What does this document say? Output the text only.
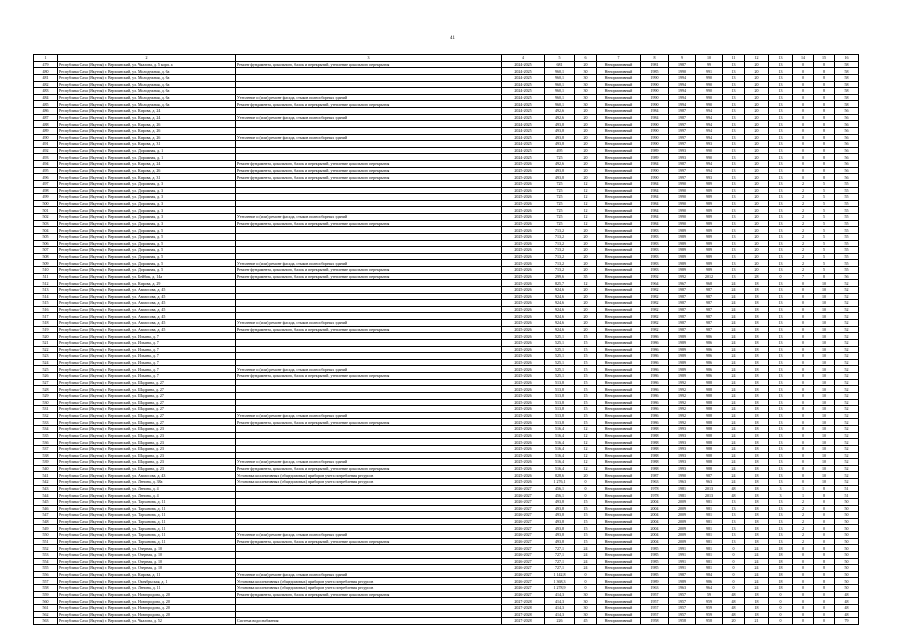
41
1	2	3	4	5	6	7	8	9	10	11	12	13	14	15	16
479	Республика Саха (Якутия) г. Верхоянский, ул. Чкалова, д. 5 корп. а	Ремонт фундамента, цокольного, балок и перекрытий, утепление цокольного перекрытия	2024-2025	681	20	Ненормативный	1981	1987	99	13	20	13	0	8	58
480	Республика Саха (Якутия) г. Верхоянский, ул. Молодежная, д. 6а		2024-2025	960,1	30	Ненормативный	1985	1990	991	13	20	13	0	8	58
481	Республика Саха (Якутия) г. Верхоянский, ул. Молодежная, д. 6а		2024-2025	960,1	30	Ненормативный	1990	1994	990	13	20	13	0	8	58
482	Республика Саха (Якутия) г. Верхоянский, ул. Молодежная, д. 6а		2024-2025	960,1	30	Ненормативный	1990	1994	990	13	20	13	0	8	58
483	Республика Саха (Якутия) г. Верхоянский, ул. Молодежная, д. 6а		2024-2025	960,1	30	Ненормативный	1990	1994	990	13	20	13	0	8	58
484	Республика Саха (Якутия) г. Верхоянский, ул. Молодежная, д. 6а	Утепление и (или) ремонт фасада, стыков полносборных зданий	2024-2025	960,1	30	Ненормативный	1990	1994	990	13	20	13	0	8	58
485	Республика Саха (Якутия) г. Верхоянский, ул. Молодежная, д. 6а	Ремонт фундамента, цокольного, балок и перекрытий, утепление цокольного перекрытия	2024-2025	960,1	30	Ненормативный	1990	1994	990	13	20	13	0	8	58
486	Республика Саха (Якутия) г. Верхоянский, ул. Кирова, д. 24		2024-2025	492,6	20	Ненормативный	1984	1987	994	13	20	13	0	8	56
487	Республика Саха (Якутия) г. Верхоянский, ул. Кирова, д. 24	Утепление и (или) ремонт фасада, стыков полносборных зданий	2024-2025	492,6	20	Ненормативный	1984	1987	994	13	20	13	0	8	56
488	Республика Саха (Якутия) г. Верхоянский, ул. Кирова, д. 26		2024-2025	493,8	20	Ненормативный	1990	1997	994	13	20	13	0	8	56
489	Республика Саха (Якутия) г. Верхоянский, ул. Кирова, д. 26		2024-2025	493,8	20	Ненормативный	1990	1997	994	13	20	13	0	8	56
490	Республика Саха (Якутия) г. Верхоянский, ул. Кирова, д. 26	Утепление и (или) ремонт фасада, стыков полносборных зданий	2024-2025	493,8	20	Ненормативный	1990	1997	994	13	20	13	0	8	56
491	Республика Саха (Якутия) г. Верхоянский, ул. Кирова, д. 31		2024-2025	493,8	20	Ненормативный	1990	1997	993	13	20	13	0	8	56
492	Республика Саха (Якутия) г. Верхоянский, ул. Дорожная, д. 1		2024-2025	495	20	Ненормативный	1989	1993	990	13	20	13	0	8	56
493	Республика Саха (Якутия) г. Верхоянский, ул. Дорожная, д. 1		2024-2025	725	20	Ненормативный	1989	1993	990	13	20	13	0	8	56
494	Республика Саха (Якутия) г. Верхоянский, ул. Кирова, д. 24	Ремонт фундамента, цокольного, балок и перекрытий, утепление цокольного перекрытия	2025-2026	492,6	20	Ненормативный	1984	1987	994	13	20	13	0	8	56
495	Республика Саха (Якутия) г. Верхоянский, ул. Кирова, д. 26	Ремонт фундамента, цокольного, балок и перекрытий, утепление цокольного перекрытия	2025-2026	493,8	20	Ненормативный	1990	1997	994	13	20	13	0	8	56
496	Республика Саха (Якутия) г. Верхоянский, ул. Кирова, д. 31	Ремонт фундамента, цокольного, балок и перекрытий, утепление цокольного перекрытия	2025-2026	493,8	20	Ненормативный	1990	1997	993	13	20	13	0	8	56
497	Республика Саха (Якутия) г. Верхоянский, ул. Дорожная, д. 3		2025-2026	725	12	Ненормативный	1984	1990	989	13	20	13	2	5	55
498	Республика Саха (Якутия) г. Верхоянский, ул. Дорожная, д. 3		2025-2026	725	12	Ненормативный	1984	1990	989	13	20	13	2	5	55
499	Республика Саха (Якутия) г. Верхоянский, ул. Дорожная, д. 3		2025-2026	725	12	Ненормативный	1984	1990	989	13	20	13	2	5	55
500	Республика Саха (Якутия) г. Верхоянский, ул. Дорожная, д. 3		2025-2026	725	12	Ненормативный	1984	1990	989	13	20	13	2	5	55
501	Республика Саха (Якутия) г. Верхоянский, ул. Дорожная, д. 3		2025-2026	725	12	Ненормативный	1984	1990	989	13	20	13	2	5	55
502	Республика Саха (Якутия) г. Верхоянский, ул. Дорожная, д. 3	Утепление и (или) ремонт фасада, стыков полносборных зданий	2025-2026	725	12	Ненормативный	1984	1990	989	13	20	13	2	5	55
503	Республика Саха (Якутия) г. Верхоянский, ул. Дорожная, д. 3	Ремонт фундамента, цокольного, балок и перекрытий, утепление цокольного перекрытия	2025-2026	725	12	Ненормативный	1984	1990	989	13	20	13	2	5	55
504	Республика Саха (Якутия) г. Верхоянский, ул. Дорожная, д. 5		2025-2026	713,2	20	Ненормативный	1983	1989	989	13	20	13	2	5	55
505	Республика Саха (Якутия) г. Верхоянский, ул. Дорожная, д. 5		2025-2026	713,2	20	Ненормативный	1983	1989	989	13	20	13	2	5	55
506	Республика Саха (Якутия) г. Верхоянский, ул. Дорожная, д. 5		2025-2026	713,2	20	Ненормативный	1983	1989	989	13	20	13	2	5	55
507	Республика Саха (Якутия) г. Верхоянский, ул. Дорожная, д. 5		2025-2026	713,2	20	Ненормативный	1983	1989	989	13	20	13	2	5	55
508	Республика Саха (Якутия) г. Верхоянский, ул. Дорожная, д. 5		2025-2026	713,2	20	Ненормативный	1983	1989	989	13	20	13	2	5	55
509	Республика Саха (Якутия) г. Верхоянский, ул. Дорожная, д. 5	Утепление и (или) ремонт фасада, стыков полносборных зданий	2025-2026	713,2	20	Ненормативный	1983	1989	989	13	20	13	2	5	55
510	Республика Саха (Якутия) г. Верхоянский, ул. Дорожная, д. 5	Ремонт фундамента, цокольного, балок и перекрытий, утепление цокольного перекрытия	2025-2026	713,2	20	Ненормативный	1983	1989	989	13	20	13	2	5	55
511	Республика Саха (Якутия) г. Верхоянский, ул. Бейбик, д. 14а	Ремонт фундамента, цокольного, балок и перекрытий, утепление цокольного перекрытия	2025-2026	299,6	35	Ненормативный	1992	1992	2012	13	28	0	7	8	56
512	Республика Саха (Якутия) г. Верхоянский, ул. Кирова, д. 29		2025-2026	825,7	12	Ненормативный	1964	1967	968	24	18	13	0	10	52
513	Республика Саха (Якутия) г. Верхоянский, ул. Аммосова, д. 45		2025-2026	924,6	20	Ненормативный	1982	1987	987	24	18	13	0	10	52
514	Республика Саха (Якутия) г. Верхоянский, ул. Аммосова, д. 45		2025-2026	924,6	20	Ненормативный	1982	1987	987	24	18	13	0	10	52
515	Республика Саха (Якутия) г. Верхоянский, ул. Аммосова, д. 45		2025-2026	924,6	20	Ненормативный	1982	1987	987	24	18	13	0	10	52
516	Республика Саха (Якутия) г. Верхоянский, ул. Аммосова, д. 45		2025-2026	924,6	20	Ненормативный	1982	1987	987	24	18	13	0	10	52
517	Республика Саха (Якутия) г. Верхоянский, ул. Аммосова, д. 45		2025-2026	924,6	20	Ненормативный	1982	1987	987	24	18	13	0	10	52
518	Республика Саха (Якутия) г. Верхоянский, ул. Аммосова, д. 45	Утепление и (или) ремонт фасада, стыков полносборных зданий	2025-2026	924,6	20	Ненормативный	1982	1987	987	24	18	13	0	10	52
519	Республика Саха (Якутия) г. Верхоянский, ул. Аммосова, д. 45	Ремонт фундамента, цокольного, балок и перекрытий, утепление цокольного перекрытия	2025-2026	924,6	20	Ненормативный	1982	1987	987	24	18	13	0	10	52
520	Республика Саха (Якутия) г. Верхоянский, ул. Ильина, д. 7		2025-2026	525,1	15	Ненормативный	1986	1989	986	24	18	13	0	10	52
521	Республика Саха (Якутия) г. Верхоянский, ул. Ильина, д. 7		2025-2026	525,1	15	Ненормативный	1986	1989	986	24	18	13	0	10	52
522	Республика Саха (Якутия) г. Верхоянский, ул. Ильина, д. 7		2025-2026	525,1	15	Ненормативный	1986	1989	986	24	18	13	0	10	52
523	Республика Саха (Якутия) г. Верхоянский, ул. Ильина, д. 7		2025-2026	525,1	15	Ненормативный	1986	1989	986	24	18	13	0	10	52
524	Республика Саха (Якутия) г. Верхоянский, ул. Ильина, д. 7		2025-2026	525,1	15	Ненормативный	1986	1989	986	24	18	13	0	10	52
525	Республика Саха (Якутия) г. Верхоянский, ул. Ильина, д. 7	Утепление и (или) ремонт фасада, стыков полносборных зданий	2025-2026	525,1	15	Ненормативный	1986	1989	986	24	18	13	0	10	52
526	Республика Саха (Якутия) г. Верхоянский, ул. Ильина, д. 7	Ремонт фундамента, цокольного, балок и перекрытий, утепление цокольного перекрытия	2025-2026	525,1	15	Ненормативный	1986	1989	986	24	18	13	0	10	52
527	Республика Саха (Якутия) г. Верхоянский, ул. Шадрина, д. 27		2025-2026	513,8	15	Ненормативный	1986	1992	988	24	18	13	0	10	52
528	Республика Саха (Якутия) г. Верхоянский, ул. Шадрина, д. 27		2025-2026	513,8	15	Ненормативный	1986	1992	988	24	18	13	0	10	52
529	Республика Саха (Якутия) г. Верхоянский, ул. Шадрина, д. 27		2025-2026	513,8	15	Ненормативный	1986	1992	988	24	18	13	0	10	52
530	Республика Саха (Якутия) г. Верхоянский, ул. Шадрина, д. 27		2025-2026	513,8	15	Ненормативный	1986	1992	988	24	18	13	0	10	52
531	Республика Саха (Якутия) г. Верхоянский, ул. Шадрина, д. 27		2025-2026	513,8	15	Ненормативный	1986	1992	988	24	18	13	0	10	52
532	Республика Саха (Якутия) г. Верхоянский, ул. Шадрина, д. 27	Утепление и (или) ремонт фасада, стыков полносборных зданий	2025-2026	513,8	15	Ненормативный	1986	1992	988	24	18	13	0	10	52
533	Республика Саха (Якутия) г. Верхоянский, ул. Шадрина, д. 27	Ремонт фундамента, цокольного, балок и перекрытий, утепление цокольного перекрытия	2025-2026	513,8	15	Ненормативный	1986	1992	988	24	18	13	0	10	52
534	Республика Саха (Якутия) г. Верхоянский, ул. Шадрина, д. 23		2025-2026	516,4	12	Ненормативный	1988	1993	988	24	18	13	0	10	52
535	Республика Саха (Якутия) г. Верхоянский, ул. Шадрина, д. 23		2025-2026	516,4	12	Ненормативный	1988	1993	988	24	18	13	0	10	52
536	Республика Саха (Якутия) г. Верхоянский, ул. Шадрина, д. 23		2025-2026	516,4	12	Ненормативный	1988	1993	988	24	18	13	0	10	52
537	Республика Саха (Якутия) г. Верхоянский, ул. Шадрина, д. 23		2025-2026	516,4	12	Ненормативный	1988	1993	988	24	18	13	0	10	52
538	Республика Саха (Якутия) г. Верхоянский, ул. Шадрина, д. 23		2025-2026	516,4	12	Ненормативный	1988	1993	988	24	18	13	0	10	52
539	Республика Саха (Якутия) г. Верхоянский, ул. Шадрина, д. 23	Утепление и (или) ремонт фасада, стыков полносборных зданий	2025-2026	516,4	12	Ненормативный	1988	1993	988	24	18	13	0	10	52
540	Республика Саха (Якутия) г. Верхоянский, ул. Шадрина, д. 23	Ремонт фундамента, цокольного, балок и перекрытий, утепление цокольного перекрытия	2025-2026	516,4	12	Ненормативный	1988	1993	988	24	18	13	0	10	52
541	Республика Саха (Якутия) г. Верхоянский, ул. Аммосова, д. 43	Установка коллективных (общедомовых) приборов учета потребления ресурсов	2025-2026	828,6	20	Ненормативный	1987	1990	987	24	18	13	0	10	52
542	Республика Саха (Якутия) г. Верхоянский, ул. Ленина, д. 38а	Установка коллективных (общедомовых) приборов учета потребления ресурсов	2025-2026	1 276,1	0	Ненормативный	1963	1963	963	24	18	13	0	10	52
543	Республика Саха (Якутия) г. Верхоянский, ул. Ленина, д. 4		2026-2027	456,1	0	Ненормативный	1978	1981	2013	48	18	3	1	8	51
544	Республика Саха (Якутия) г. Верхоянский, ул. Ленина, д. 4		2026-2027	456,1	0	Ненормативный	1978	1981	2013	48	18	3	1	8	51
545	Республика Саха (Якутия) г. Верхоянский, ул. Тарханова, д. 11		2026-2027	493,8	15	Ненормативный	2004	2009	981	13	18	13	2	0	50
546	Республика Саха (Якутия) г. Верхоянский, ул. Тарханова, д. 11		2026-2027	493,8	15	Ненормативный	2004	2009	981	13	18	13	2	0	50
547	Республика Саха (Якутия) г. Верхоянский, ул. Тарханова, д. 11		2026-2027	493,8	15	Ненормативный	2004	2009	981	13	18	13	2	0	50
548	Республика Саха (Якутия) г. Верхоянский, ул. Тарханова, д. 11		2026-2027	493,8	15	Ненормативный	2004	2009	981	13	18	13	2	0	50
549	Республика Саха (Якутия) г. Верхоянский, ул. Тарханова, д. 11		2026-2027	493,8	15	Ненормативный	2004	2009	981	13	18	13	2	0	50
550	Республика Саха (Якутия) г. Верхоянский, ул. Тарханова, д. 11	Утепление и (или) ремонт фасада, стыков полносборных зданий	2026-2027	493,8	15	Ненормативный	2004	2009	981	13	18	13	2	0	50
551	Республика Саха (Якутия) г. Верхоянский, ул. Тарханова, д. 11	Ремонт фундамента, цокольного, балок и перекрытий, утепление цокольного перекрытия	2026-2027	493,8	15	Ненормативный	2004	2009	981	13	18	13	2	0	50
552	Республика Саха (Якутия) г. Верхоянский, ул. Озерная, д. 10		2026-2027	727,1	24	Ненормативный	1985	1991	981	0	24	18	0	8	50
553	Республика Саха (Якутия) г. Верхоянский, ул. Озерная, д. 10		2026-2027	727,1	24	Ненормативный	1985	1991	981	0	24	18	0	8	50
554	Республика Саха (Якутия) г. Верхоянский, ул. Озерная, д. 10		2026-2027	727,1	24	Ненормативный	1985	1991	981	0	24	18	0	8	50
555	Республика Саха (Якутия) г. Верхоянский, ул. Озерная, д. 10		2026-2027	727,1	24	Ненормативный	1985	1991	981	0	24	18	0	8	50
556	Республика Саха (Якутия) г. Верхоянский, ул. Кирова, д. 11	Утепление и (или) ремонт фасада, стыков полносборных зданий	2026-2027	1 142,8	0	Ненормативный	1985	1987	984	0	24	18	0	8	50
557	Республика Саха (Якутия) г. Верхоянский, ул. Октябрьская, д. 1	Установка коллективных (общедомовых) приборов учета потребления ресурсов	2026-2027	1 368,3	0	Ненормативный	1989	1989	986	0	24	18	0	8	50
558	Республика Саха (Якутия) г. Верхоянский, ул. Ленина, д. 11	Установка коллективных (общедомовых) приборов учета потребления ресурсов	2026-2027	1 278,9	0	Ненормативный	1963	1963	964	0	24	18	0	8	50
559	Республика Саха (Якутия) г. Верхоянский, ул. Новгородова, д. 20	Ремонт фундамента, цокольного, балок и перекрытий, утепление цокольного перекрытия	2026-2027	414,3	30	Ненормативный	1957	1957	59	48	18	0	0	0	48
560	Республика Саха (Якутия) г. Верхоянский, ул. Новгородова, д. 20		2027-2028	414,3	30	Ненормативный	1957	1957	959	48	18	0	0	0	48
561	Республика Саха (Якутия) г. Верхоянский, ул. Новгородова, д. 20		2027-2028	414,3	30	Ненормативный	1957	1957	959	48	18	0	0	0	48
562	Республика Саха (Якутия) г. Верхоянский, ул. Новгородова, д. 20		2027-2028	414,3	30	Ненормативный	1957	1957	959	48	18	0	0	0	48
563	Республика Саха (Якутия) г. Верхоянский, ул. Чкалова, д. 52	Система водоснабжения	2027-2028	226	45	Ненормативный	1958	1958	958	20	21	0	0	0	79
